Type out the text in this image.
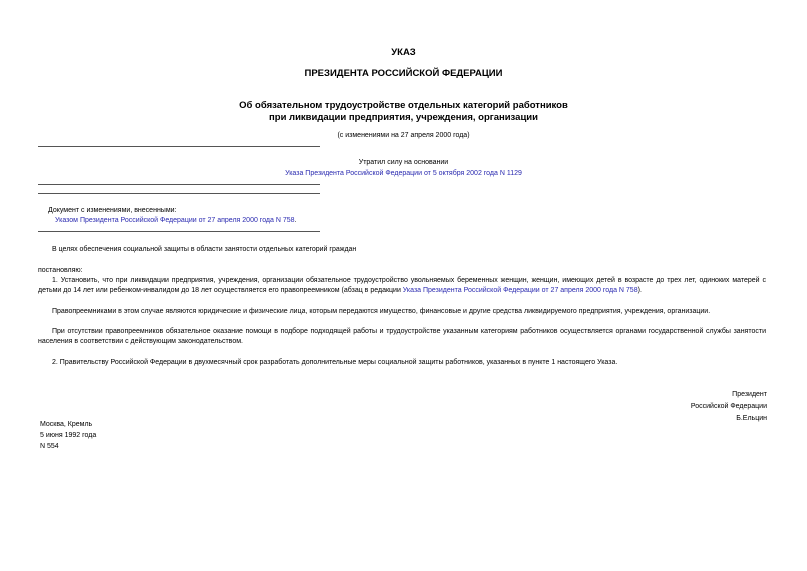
УКАЗ
ПРЕЗИДЕНТА РОССИЙСКОЙ ФЕДЕРАЦИИ
Об обязательном трудоустройстве отдельных категорий работников
при ликвидации предприятия, учреждения, организации
(с изменениями на 27 апреля 2000 года)
Утратил силу на основании
Указа Президента Российской Федерации от 5 октября 2002 года N 1129
Документ с изменениями, внесенными:
Указом Президента Российской Федерации от 27 апреля 2000 года N 758.
В целях обеспечения социальной защиты в области занятости отдельных категорий граждан
постановляю:
1. Установить, что при ликвидации предприятия, учреждения, организации обязательное трудоустройство увольняемых беременных женщин, женщин, имеющих детей в возрасте до трех лет, одиноких матерей с детьми до 14 лет или ребенком-инвалидом до 18 лет осуществляется его правопреемником (абзац в редакции Указа Президента Российской Федерации от 27 апреля 2000 года N 758).
Правопреемниками в этом случае являются юридические и физические лица, которым передаются имущество, финансовые и другие средства ликвидируемого предприятия, учреждения, организации.
При отсутствии правопреемников обязательное оказание помощи в подборе подходящей работы и трудоустройстве указанным категориям работников осуществляется органами государственной службы занятости населения в соответствии с действующим законодательством.
2. Правительству Российской Федерации в двухмесячный срок разработать дополнительные меры социальной защиты работников, указанных в пункте 1 настоящего Указа.
Президент
Российской Федерации
Б.Ельцин
Москва, Кремль
5 июня 1992 года
N 554
